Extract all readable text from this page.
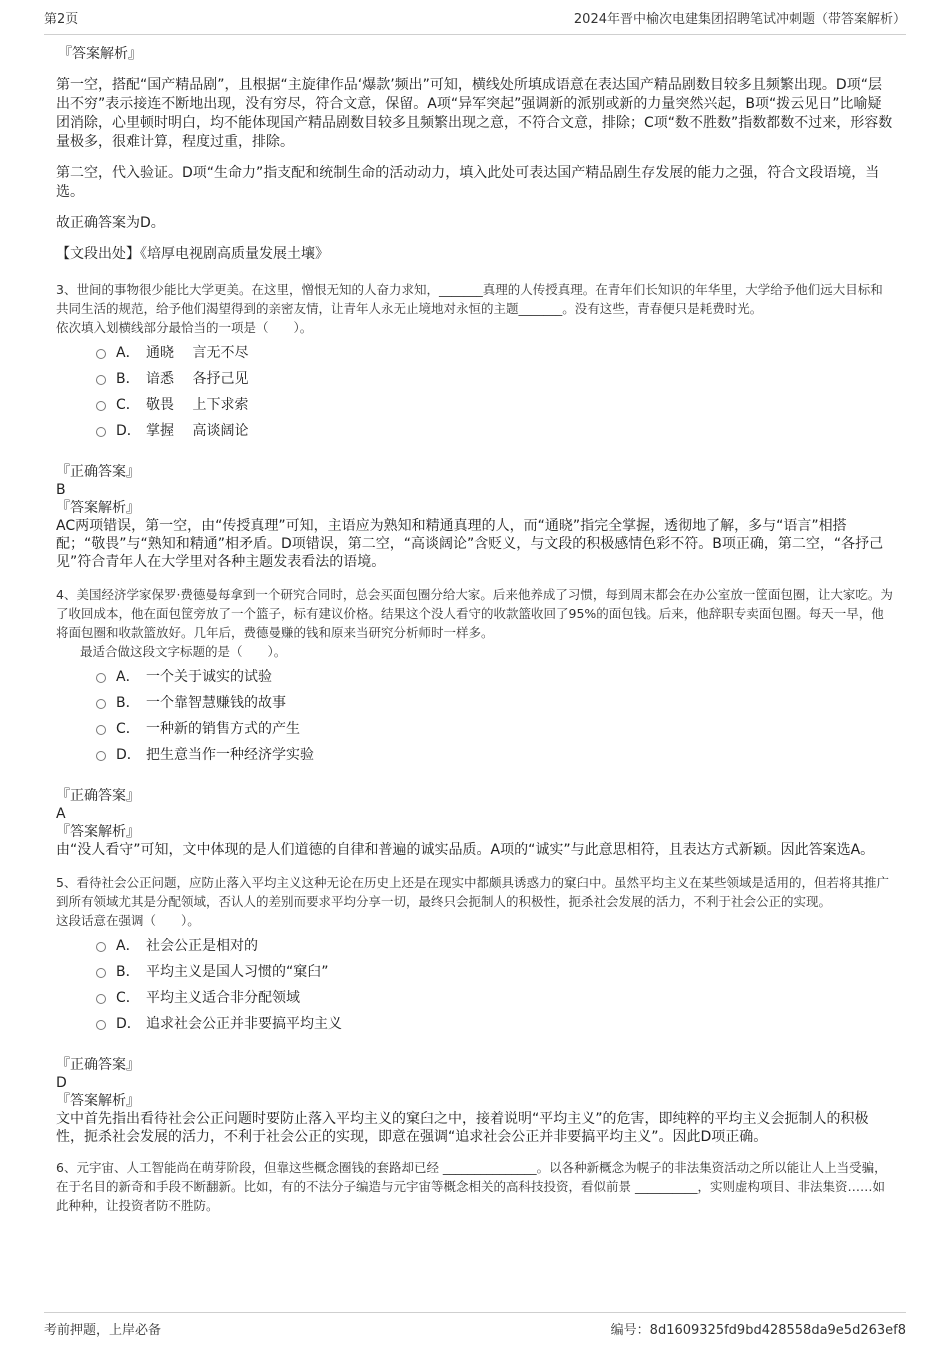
第2页	2024年晋中榆次电建集团招聘笔试冲刺题（带答案解析）
『答案解析』
第一空，搭配“国产精品剧”，且根据“主旋律作品‘爆款’频出”可知，横线处所填成语意在表达国产精品剧数目较多且频繁出现。D项“层出不穷”表示接连不断地出现，没有穷尽，符合文意，保留。A项“异军突起”强调新的派别或新的力量突然兴起，B项“拨云见日”比喻疑团消除，心里顿时明白，均不能体现国产精品剧数目较多且频繁出现之意，不符合文意，排除；C项“数不胜数”指数都数不过来，形容数量极多，很难计算，程度过重，排除。
第二空，代入验证。D项“生命力”指支配和统制生命的活动动力，填入此处可表达国产精品剧生存发展的能力之强，符合文段语境，当选。
故正确答案为D。
【文段出处】《培厚电视剧高质量发展土壤》
3、世间的事物很少能比大学更美。在这里，憎恨无知的人奋力求知，_______真理的人传授真理。在青年们长知识的年华里，大学给予他们远大目标和共同生活的规范，给予他们渴望得到的亲密友情，让青年人永无止境地对永恒的主题_______。没有这些，青春便只是耗费时光。
依次填入划横线部分最恰当的一项是（　　）。
A． 通晓　 言无不尽
B． 谙悉　 各抒己见
C． 敬畏　 上下求索
D． 掌握　 高谈阔论
『正确答案』
B
『答案解析』
AC两项错误，第一空，由“传授真理”可知，主语应为熟知和精通真理的人，而“通晓”指完全掌握，透彻地了解，多与“语言”相搭配；“敬畏”与“熟知和精通”相矛盾。D项错误，第二空，“高谈阔论”含贬义，与文段的积极感情色彩不符。B项正确，第二空，“各抒己见”符合青年人在大学里对各种主题发表看法的语境。
4、美国经济学家保罗·费德曼每拿到一个研究合同时，总会买面包圈分给大家。后来他养成了习惯，每到周末都会在办公室放一筐面包圈，让大家吃。为了收回成本，他在面包筐旁放了一个篮子，标有建议价格。结果这个没人看守的收款篮收回了95%的面包钱。后来，他辞职专卖面包圈。每天一早，他将面包圈和收款篮放好。几年后，费德曼赚的钱和原来当研究分析师时一样多。
最适合做这段文字标题的是（　　）。
A． 一个关于诚实的试验
B． 一个靠智慧赚钱的故事
C． 一种新的销售方式的产生
D． 把生意当作一种经济学实验
『正确答案』
A
『答案解析』
由“没人看守”可知，文中体现的是人们道德的自律和普遍的诚实品质。A项的“诚实”与此意思相符，且表达方式新颖。因此答案选A。
5、看待社会公正问题，应防止落入平均主义这种无论在历史上还是在现实中都颇具诱惑力的窠臼中。虽然平均主义在某些领域是适用的，但若将其推广到所有领域尤其是分配领域，否认人的差别而要求平均分享一切，最终只会扼制人的积极性，扼杀社会发展的活力，不利于社会公正的实现。
这段话意在强调（　　）。
A． 社会公正是相对的
B． 平均主义是国人习惯的“窠臼”
C． 平均主义适合非分配领域
D． 追求社会公正并非要搞平均主义
『正确答案』
D
『答案解析』
文中首先指出看待社会公正问题时要防止落入平均主义的窠臼之中，接着说明“平均主义”的危害，即纯粹的平均主义会扼制人的积极性，扼杀社会发展的活力，不利于社会公正的实现，即意在强调“追求社会公正并非要搞平均主义”。因此D项正确。
6、元宇宙、人工智能尚在萌芽阶段，但靠这些概念圈钱的套路却已经 _______________。以各种新概念为幌子的非法集资活动之所以能让人上当受骗，在于名目的新奇和手段不断翻新。比如，有的不法分子编造与元宇宙等概念相关的高科技投资，看似前景 __________，实则虚构项目、非法集资……如此种种，让投资者防不胜防。
考前押题，上岸必备	编号：8d1609325fd9bd428558da9e5d263ef8
